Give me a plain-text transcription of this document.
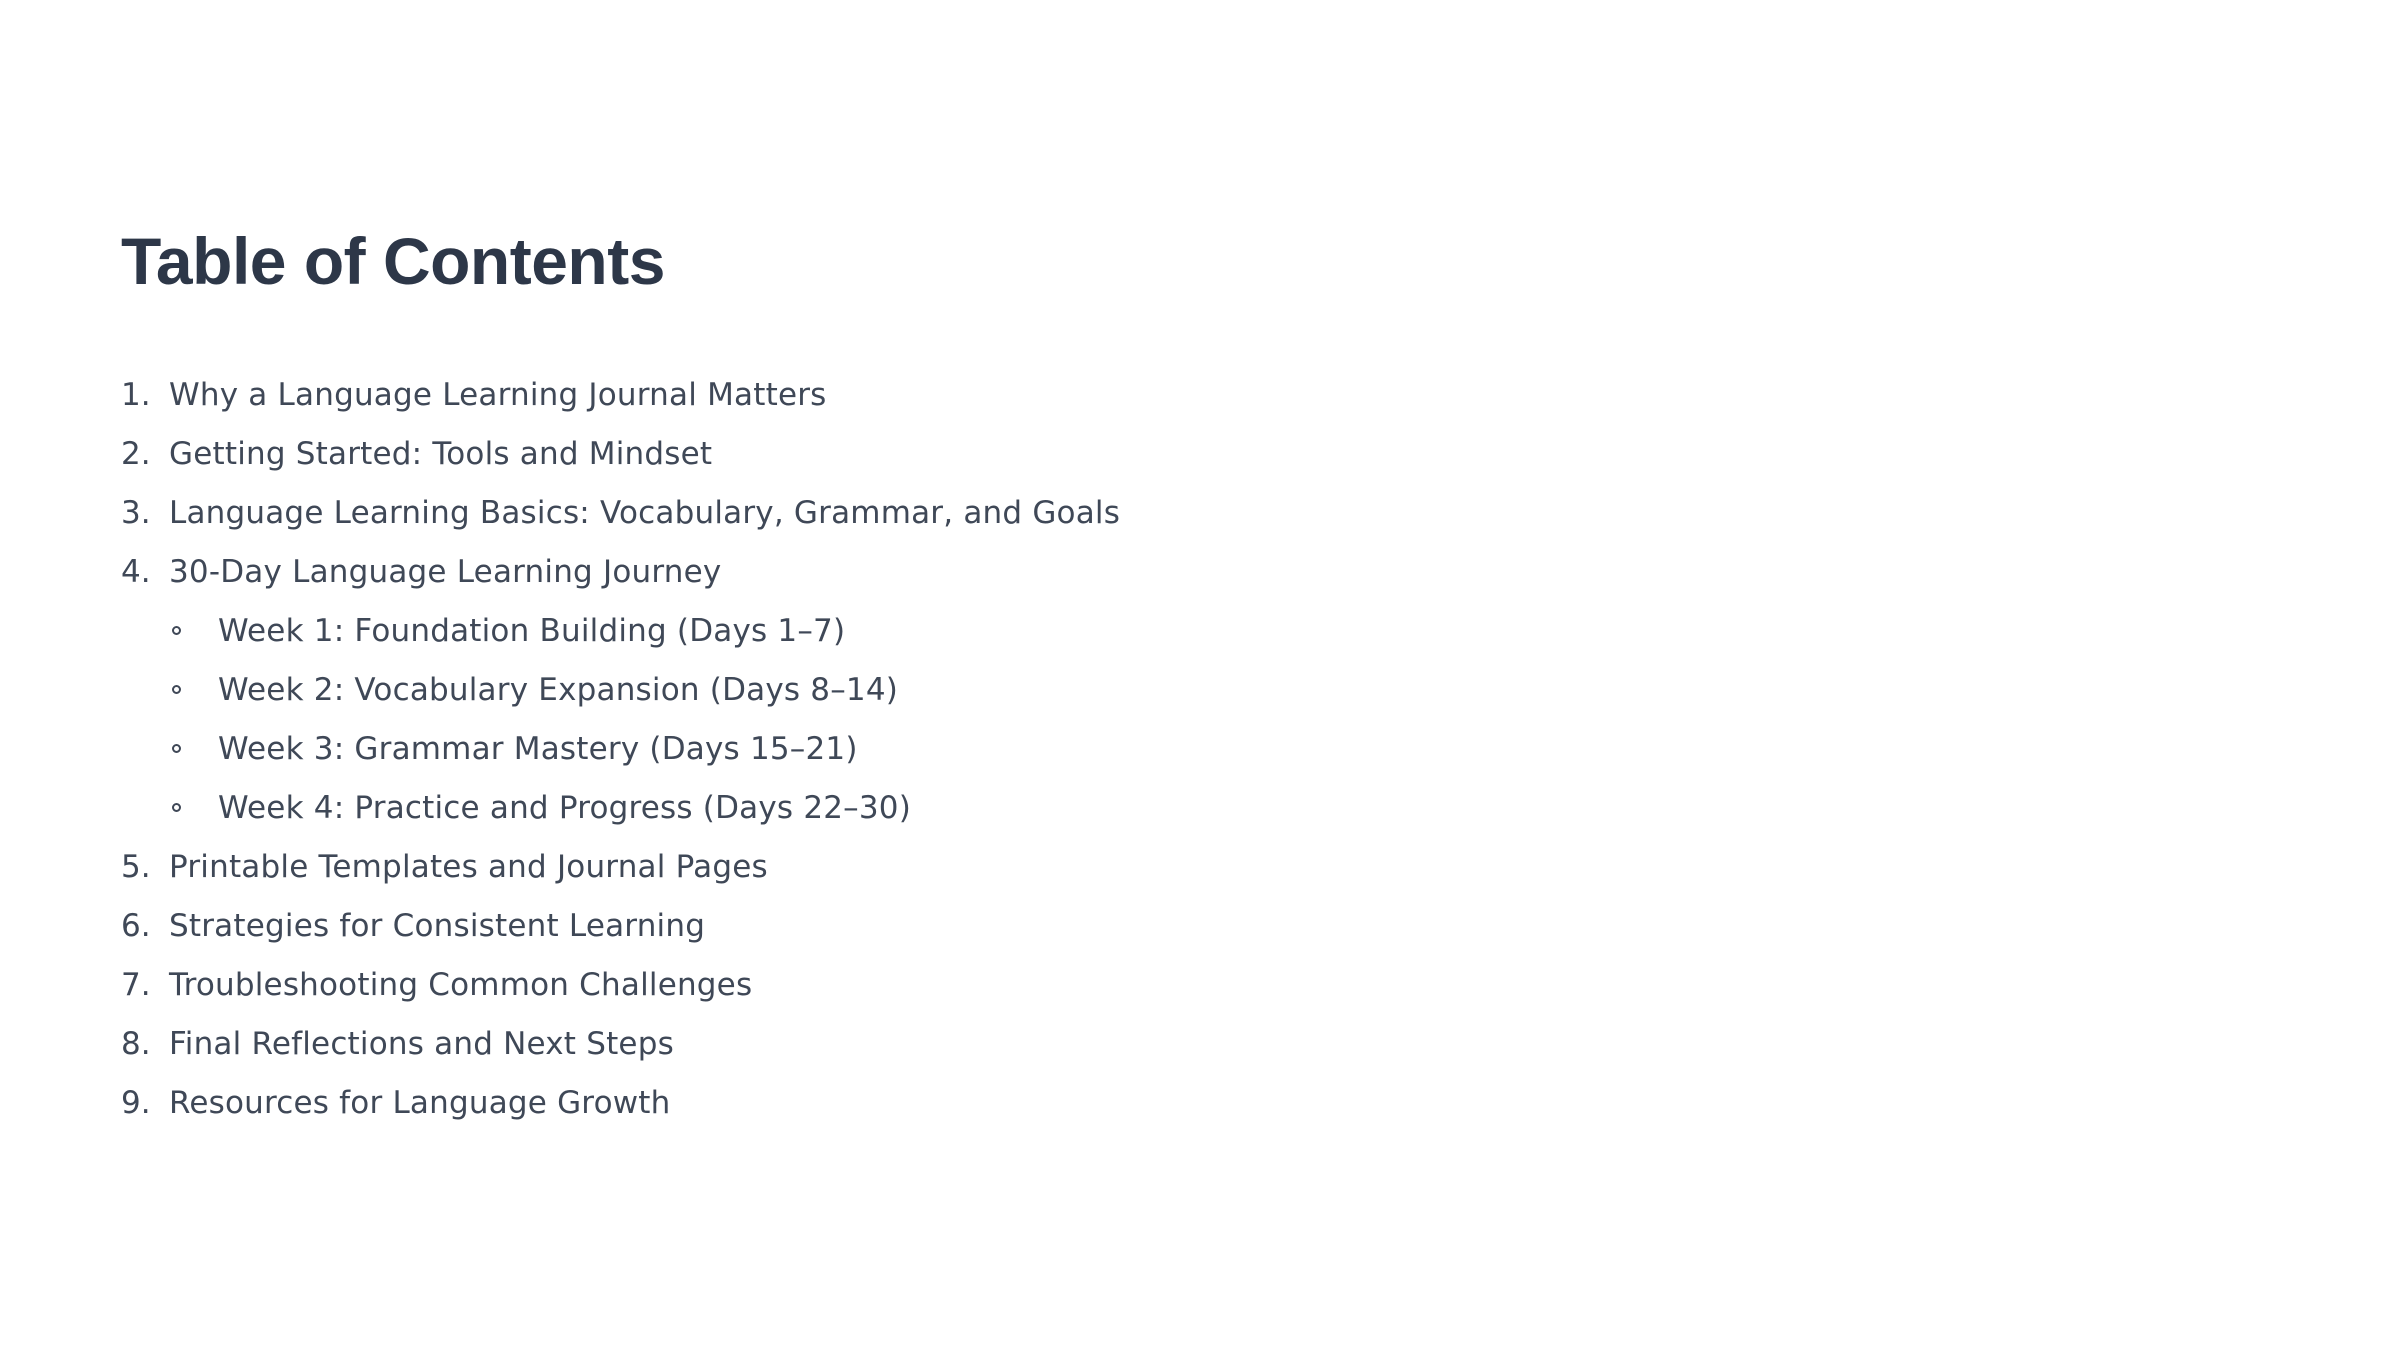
Table of Contents
1. Why a Language Learning Journal Matters
2. Getting Started: Tools and Mindset
3. Language Learning Basics: Vocabulary, Grammar, and Goals
4. 30-Day Language Learning Journey
Week 1: Foundation Building (Days 1–7)
Week 2: Vocabulary Expansion (Days 8–14)
Week 3: Grammar Mastery (Days 15–21)
Week 4: Practice and Progress (Days 22–30)
5. Printable Templates and Journal Pages
6. Strategies for Consistent Learning
7. Troubleshooting Common Challenges
8. Final Reflections and Next Steps
9. Resources for Language Growth
